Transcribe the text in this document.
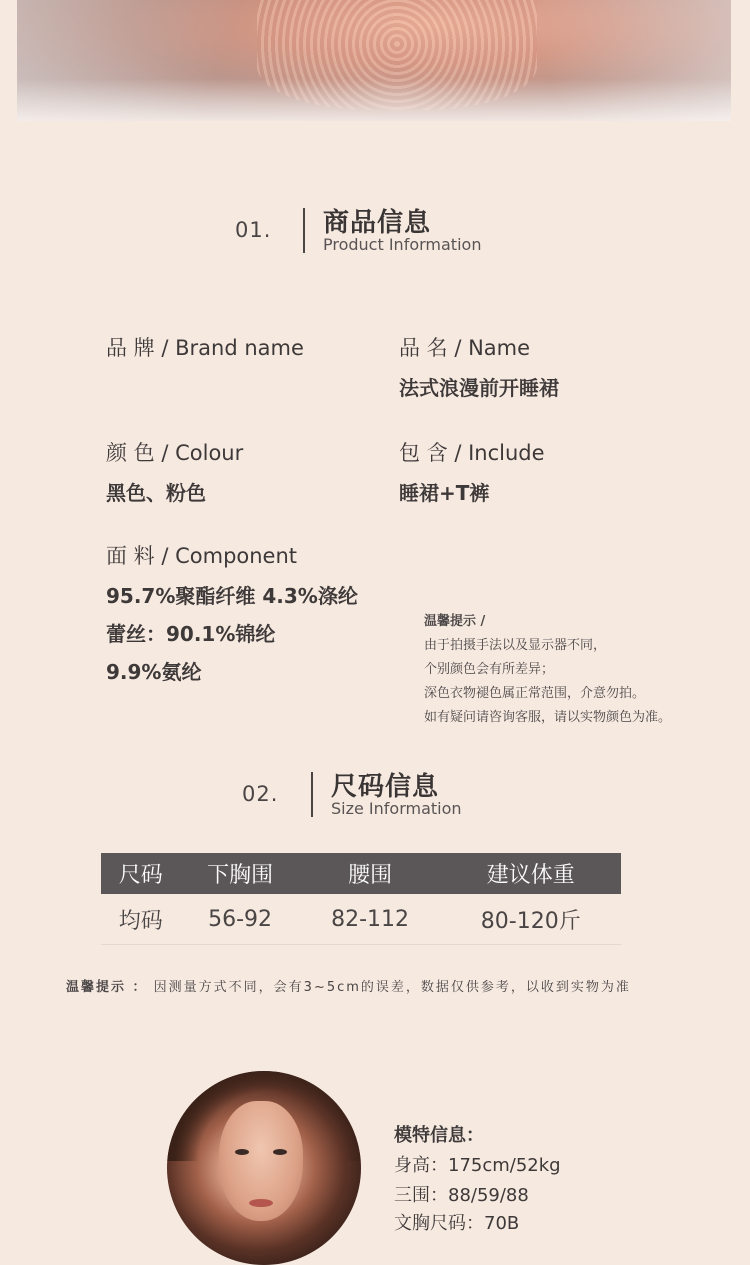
01. 商品信息
Product Information
品 牌 / Brand name	品 名 / Name
法式浪漫前开睡裙
颜 色 / Colour
黑色、粉色
包 含 / Include
睡裙+T裤
面 料 / Component
95.7%聚酯纤维 4.3%涤纶
蕾丝：90.1%锦纶
9.9%氨纶
温馨提示 /
由于拍摄手法以及显示器不同，
个别颜色会有所差异；
深色衣物褪色属正常范围，介意勿拍。
如有疑问请咨询客服，请以实物颜色为准。
02. 尺码信息
Size Information
尺码	下胸围	腰围	建议体重
均码	56-92	82-112	80-120斤
温馨提示 ： 因测量方式不同，会有3~5cm的误差，数据仅供参考，以收到实物为准
模特信息：
身高：175cm/52kg
三围：88/59/88
文胸尺码：70B
